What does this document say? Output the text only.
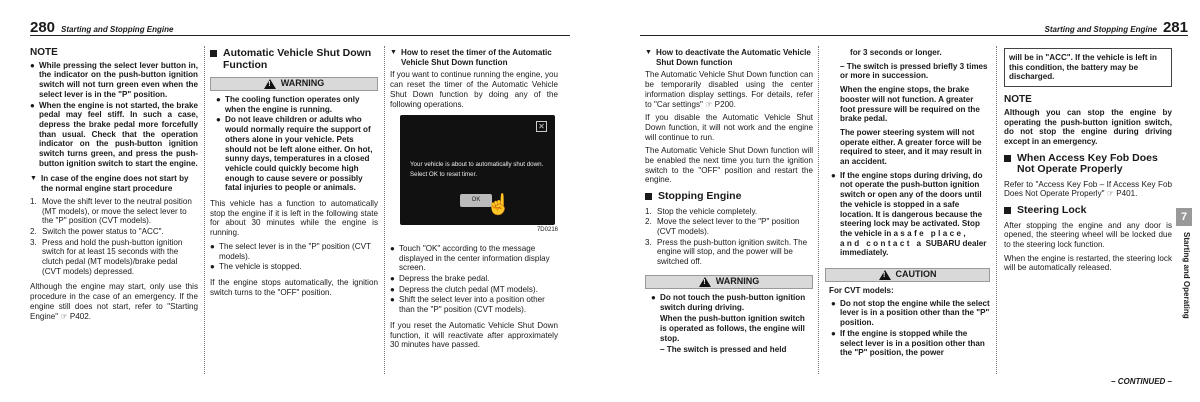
280 Starting and Stopping Engine
NOTE
● While pressing the select lever button in, the indicator on the push-button ignition switch will not turn green even when the select lever is in the "P" position.
● When the engine is not started, the brake pedal may feel stiff. In such a case, depress the brake pedal more forcefully than usual. Check that the operation indicator on the push-button ignition switch turns green, and press the push-button ignition switch to start the engine.
▼ In case of the engine does not start by the normal engine start procedure
1. Move the shift lever to the neutral position (MT models), or move the select lever to the "P" position (CVT models).
2. Switch the power status to "ACC".
3. Press and hold the push-button ignition switch for at least 15 seconds with the clutch pedal (MT models)/brake pedal (CVT models) depressed.
Although the engine may start, only use this procedure in the case of an emergency. If the engine still does not start, refer to "Starting Engine" ☞ P402.
Automatic Vehicle Shut Down Function
!
WARNING
● The cooling function operates only when the engine is running.
● Do not leave children or adults who would normally require the support of others alone in your vehicle. Pets should not be left alone either. On hot, sunny days, temperatures in a closed vehicle could quickly become high enough to cause severe or possibly fatal injuries to people or animals.
This vehicle has a function to automatically stop the engine if it is left in the following state for about 30 minutes while the engine is running.
● The select lever is in the "P" position (CVT models).
● The vehicle is stopped.
If the engine stops automatically, the ignition switch turns to the "OFF" position.
▼ How to reset the timer of the Automatic Vehicle Shut Down function
If you want to continue running the engine, you can reset the timer of the Automatic Vehicle Shut Down function by doing any of the following operations.
✕
Your vehicle is about to automatically shut down.
Select OK to reset timer.
OK ☝
7D0216
● Touch "OK" according to the message displayed in the center information display screen.
● Depress the brake pedal.
● Depress the clutch pedal (MT models).
● Shift the select lever into a position other than the "P" position (CVT models).
If you reset the Automatic Vehicle Shut Down function, it will reactivate after approximately 30 minutes have passed.
Starting and Stopping Engine 281
▼ How to deactivate the Automatic Vehicle Shut Down function
The Automatic Vehicle Shut Down function can be temporarily disabled using the center information display settings. For details, refer to "Car settings" ☞ P200.
If you disable the Automatic Vehicle Shut Down function, it will not work and the engine will continue to run.
The Automatic Vehicle Shut Down function will be enabled the next time you turn the ignition switch to the "OFF" position and restart the engine.
Stopping Engine
1. Stop the vehicle completely.
2. Move the select lever to the "P" position (CVT models).
3. Press the push-button ignition switch. The engine will stop, and the power will be switched off.
!
WARNING
● Do not touch the push-button ignition switch during driving.
When the push-button ignition switch is operated as follows, the engine will stop.
– The switch is pressed and held
for 3 seconds or longer.
– The switch is pressed briefly 3 times or more in succession.
When the engine stops, the brake booster will not function. A greater foot pressure will be required on the brake pedal.
The power steering system will not operate either. A greater force will be required to steer, and it may result in an accident.
● If the engine stops during driving, do not operate the push-button ignition switch or open any of the doors until the vehicle is stopped in a safe location. It is dangerous because the steering lock may be activated. Stop the vehicle in a safe place, and contact a SUBARU dealer immediately.
!
CAUTION
For CVT models:
● Do not stop the engine while the select lever is in a position other than the "P" position.
● If the engine is stopped while the select lever is in a position other than the "P" position, the power
will be in "ACC". If the vehicle is left in this condition, the battery may be discharged.
NOTE
Although you can stop the engine by operating the push-button ignition switch, do not stop the engine during driving except in an emergency.
When Access Key Fob Does Not Operate Properly
Refer to "Access Key Fob – If Access Key Fob Does Not Operate Properly" ☞ P401.
Steering Lock
After stopping the engine and any door is opened, the steering wheel will be locked due to the steering lock function.
When the engine is restarted, the steering lock will be automatically released.
7
Starting and Operating
– CONTINUED –
